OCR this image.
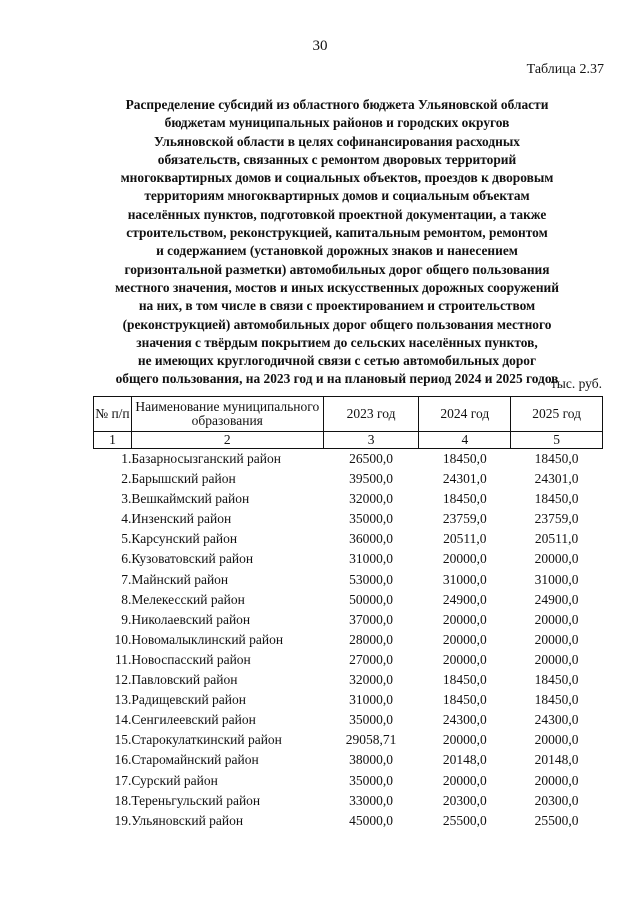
30
Таблица 2.37
Распределение субсидий из областного бюджета Ульяновской области
бюджетам муниципальных районов и городских округов
Ульяновской области в целях софинансирования расходных
обязательств, связанных с ремонтом дворовых территорий
многоквартирных домов и социальных объектов, проездов к дворовым
территориям многоквартирных домов и социальным объектам
населённых пунктов, подготовкой проектной документации, а также
строительством, реконструкцией, капитальным ремонтом, ремонтом
и содержанием (установкой дорожных знаков и нанесением
горизонтальной разметки) автомобильных дорог общего пользования
местного значения, мостов и иных искусственных дорожных сооружений
на них, в том числе в связи с проектированием и строительством
(реконструкцией) автомобильных дорог общего пользования местного
значения с твёрдым покрытием до сельских населённых пунктов,
не имеющих круглогодичной связи с сетью автомобильных дорог
общего пользования, на 2023 год и на плановый период 2024 и 2025 годов
тыс. руб.
№ п/п	Наименование муниципального образования	2023 год	2024 год	2025 год
1	2	3	4	5
1.	Базарносызганский район	26500,0	18450,0	18450,0
2.	Барышский район	39500,0	24301,0	24301,0
3.	Вешкаймский район	32000,0	18450,0	18450,0
4.	Инзенский район	35000,0	23759,0	23759,0
5.	Карсунский район	36000,0	20511,0	20511,0
6.	Кузоватовский район	31000,0	20000,0	20000,0
7.	Майнский район	53000,0	31000,0	31000,0
8.	Мелекесский район	50000,0	24900,0	24900,0
9.	Николаевский район	37000,0	20000,0	20000,0
10.	Новомалыклинский район	28000,0	20000,0	20000,0
11.	Новоспасский район	27000,0	20000,0	20000,0
12.	Павловский район	32000,0	18450,0	18450,0
13.	Радищевский район	31000,0	18450,0	18450,0
14.	Сенгилеевский район	35000,0	24300,0	24300,0
15.	Старокулаткинский район	29058,71	20000,0	20000,0
16.	Старомайнский район	38000,0	20148,0	20148,0
17.	Сурский район	35000,0	20000,0	20000,0
18.	Тереньгульский район	33000,0	20300,0	20300,0
19.	Ульяновский район	45000,0	25500,0	25500,0
